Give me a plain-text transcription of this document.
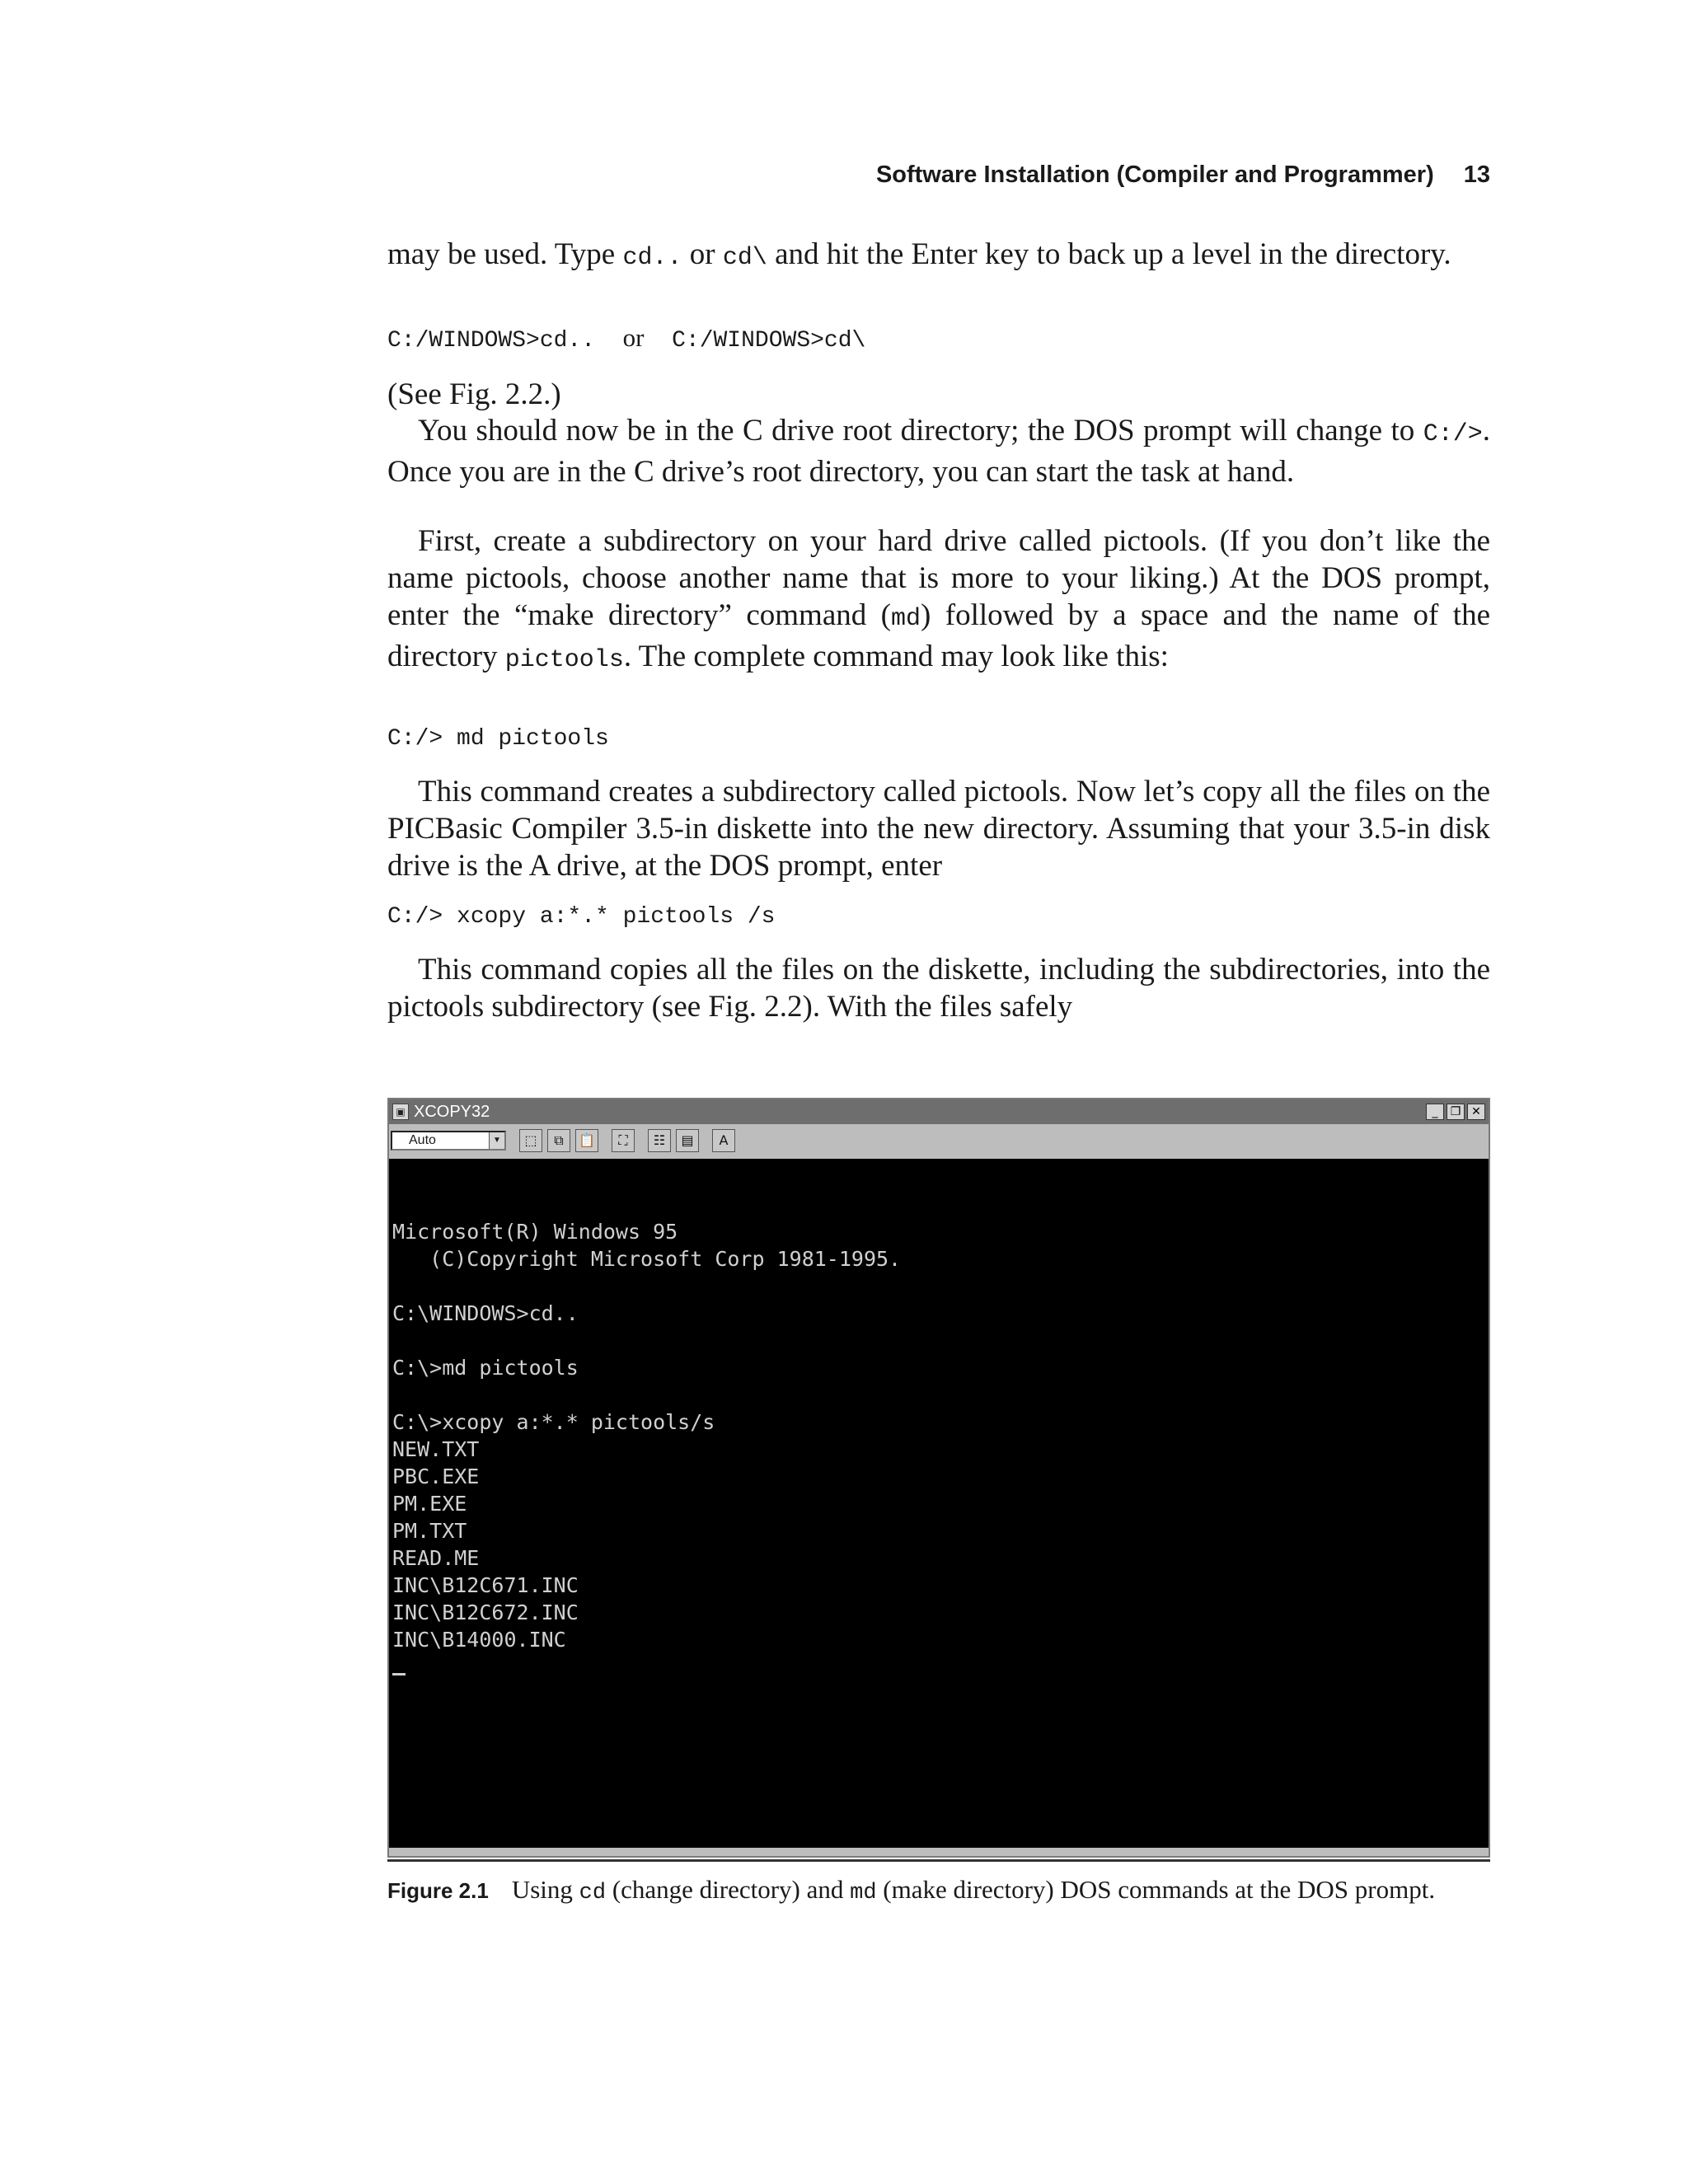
Software Installation (Compiler and Programmer) 13

may be used. Type cd.. or cd\ and hit the Enter key to back up a level in the directory.

C:/WINDOWS>cd.. or C:/WINDOWS>cd\

(See Fig. 2.2.)

You should now be in the C drive root directory; the DOS prompt will change to C:/>. Once you are in the C drive’s root directory, you can start the task at hand.

First, create a subdirectory on your hard drive called pictools. (If you don’t like the name pictools, choose another name that is more to your liking.) At the DOS prompt, enter the “make directory” command (md) followed by a space and the name of the directory pictools. The complete command may look like this:

C:/> md pictools

This command creates a subdirectory called pictools. Now let’s copy all the files on the PICBasic Compiler 3.5-in diskette into the new directory. Assuming that your 3.5-in disk drive is the A drive, at the DOS prompt, enter

C:/> xcopy a:*.* pictools /s

This command copies all the files on the diskette, including the subdirectories, into the pictools subdirectory (see Fig. 2.2). With the files safely

▣ XCOPY32	_	❐ ✕
Auto	▼	⬚	⧉	📋	⛶	☷	▤	A
Microsoft(R) Windows 95
(C)Copyright Microsoft Corp 1981-1995.
C:\WINDOWS>cd..
C:\>md pictools
C:\>xcopy a:*.* pictools/s
NEW.TXT
PBC.EXE
PM.EXE
PM.TXT
READ.ME
INC\B12C671.INC
INC\B12C672.INC
INC\B14000.INC
Figure 2.1 Using cd (change directory) and md (make directory) DOS commands at the DOS prompt.
